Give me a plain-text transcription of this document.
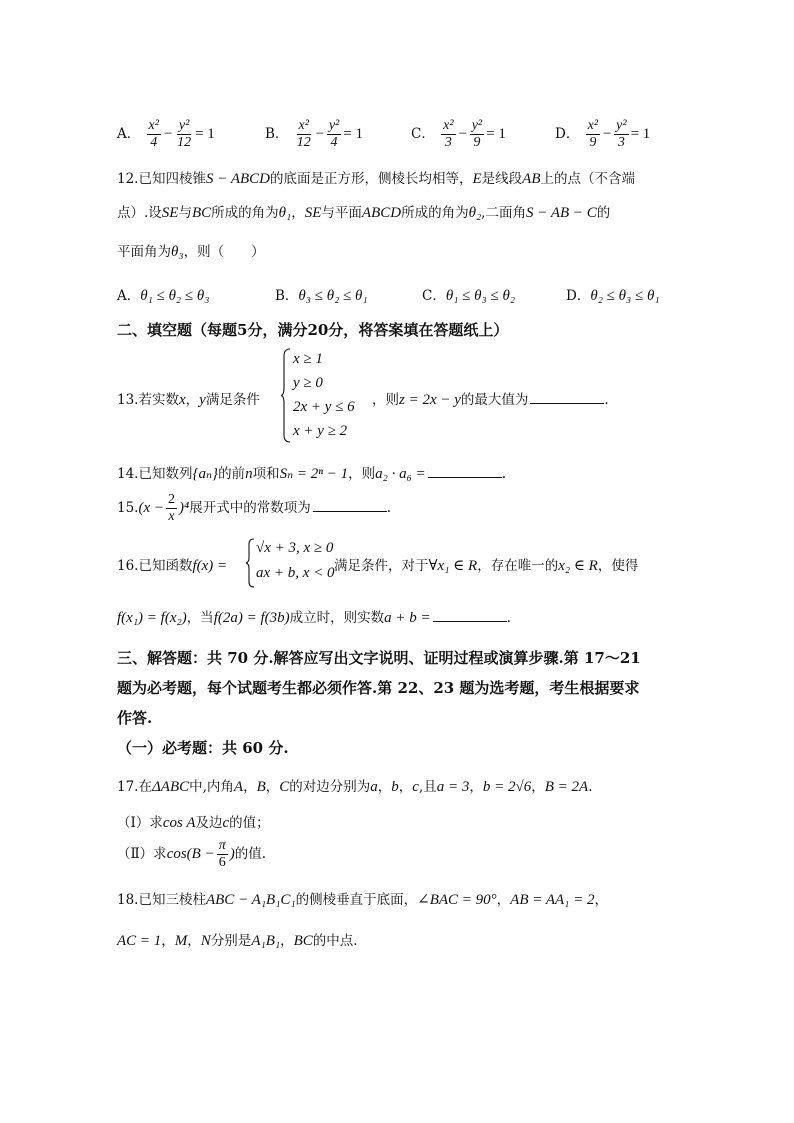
A． $\frac{\text{x²}}{4} - \frac{\text{y²}}{12} = 1$	B． $\frac{\text{x²}}{12} - \frac{\text{y²}}{4} = 1$	C． $\frac{\text{x²}}{3} - \frac{\text{y²}}{9} = 1$	D． $\frac{\text{x²}}{9} - \frac{\text{y²}}{3} = 1$
12.已知四棱锥S − ABCD的底面是正方形，侧棱长均相等，E是线段AB上的点（不含端
点）.设SE与BC所成的角为θ₁，SE与平面ABCD所成的角为θ₂,二面角S − AB − C的
平面角为θ₃，则（　　）
A．θ₁ ≤ θ₂ ≤ θ₃	B．θ₃ ≤ θ₂ ≤ θ₁	C．θ₁ ≤ θ₃ ≤ θ₂	D．θ₂ ≤ θ₃ ≤ θ₁
二、填空题（每题5分，满分20分，将答案填在答题纸上）
13.若实数x，y满足条件
x ≥ 1
y ≥ 0
2x + y ≤ 6
x + y ≥ 2
，则z = 2x − y的最大值为	.
14.已知数列{aₙ}的前n项和Sₙ = 2ⁿ − 1，则a₂ · a₆ =	.
$15.(x - \frac{2}{x} )^4$展开式中的常数项为	.
16.已知函数f(x) =
√x + 3, x ≥ 0
ax + b, x < 0 满足条件，对于∀x₁ ∈ R，存在唯一的x₂ ∈ R，使得
f(x₁) = f(x₂)，当f(2a) = f(3b)成立时，则实数a + b =	.
三、解答题：共 70 分.解答应写出文字说明、证明过程或演算步骤.第 17～21
题为必考题，每个试题考生都必须作答.第 22、23 题为选考题，考生根据要求
作答.
（一）必考题：共 60 分.
17.在ΔABC中,内角A，B，C的对边分别为a，b，c,且a = 3，b = 2√6，B = 2A.
（Ⅰ）求cos A及边c的值；
（Ⅱ）求$\cos(B - \frac{\pi}{6}$ )的值.
18.已知三棱柱ABC − A₁B₁C₁的侧棱垂直于底面，∠BAC = 90°，AB = AA₁ = 2，
AC = 1，M，N分别是A₁B₁，BC的中点.
